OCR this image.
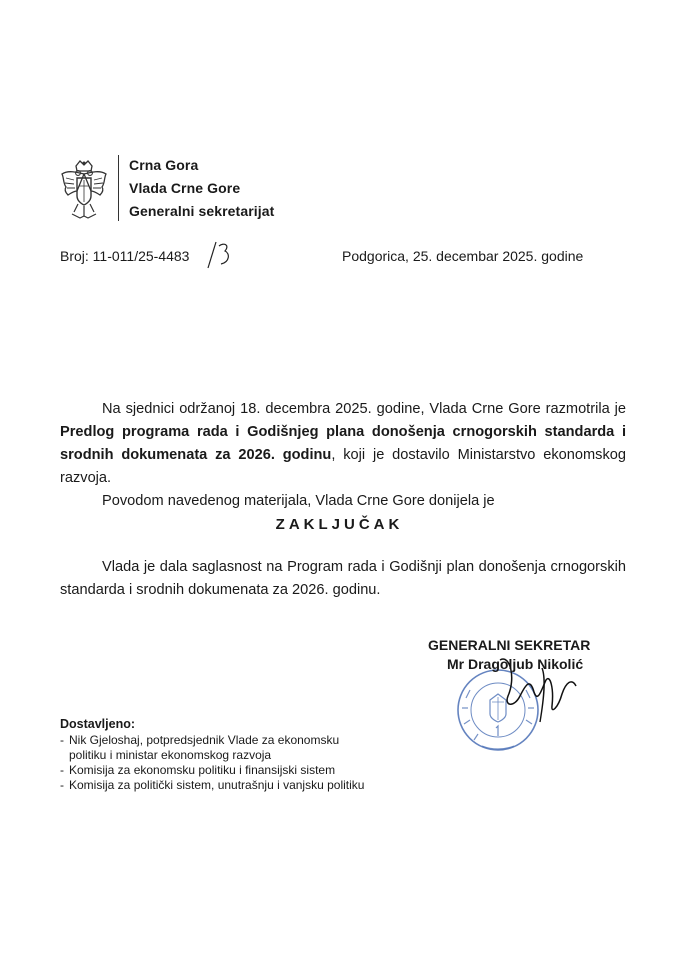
Crna Gora
Vlada Crne Gore
Generalni sekretarijat
Broj: 11-011/25-4483	Podgorica, 25. decembar 2025. godine

Na sjednici održanoj 18. decembra 2025. godine, Vlada Crne Gore razmotrila je Predlog programa rada i Godišnjeg plana donošenja crnogorskih standarda i srodnih dokumenata za 2026. godinu, koji je dostavilo Ministarstvo ekonomskog razvoja.

Povodom navedenog materijala, Vlada Crne Gore donijela je

ZAKLJUČAK

Vlada je dala saglasnost na Program rada i Godišnji plan donošenja crnogorskih standarda i srodnih dokumenata za 2026. godinu.

GENERALNI SEKRETAR
Mr Dragoljub Nikolić
Dostavljeno:
- Nik Gjeloshaj, potpredsjednik Vlade za ekonomsku
politiku i ministar ekonomskog razvoja
- Komisija za ekonomsku politiku i finansijski sistem
- Komisija za politički sistem, unutrašnju i vanjsku politiku
